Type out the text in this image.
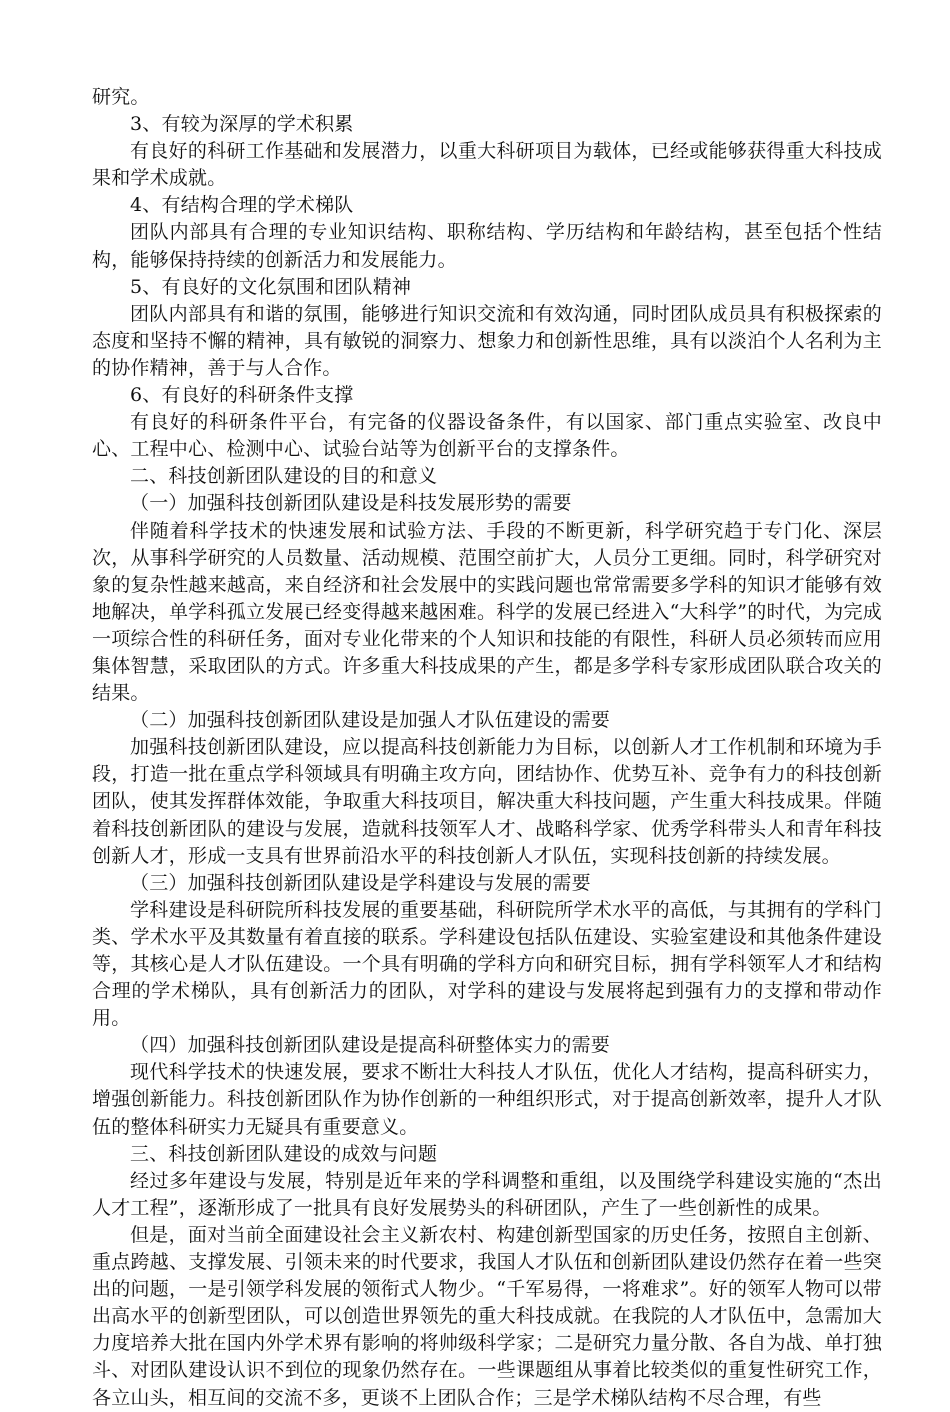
研究。

3、有较为深厚的学术积累

有良好的科研工作基础和发展潜力，以重大科研项目为载体，已经或能够获得重大科技成果和学术成就。

4、有结构合理的学术梯队

团队内部具有合理的专业知识结构、职称结构、学历结构和年龄结构，甚至包括个性结构，能够保持持续的创新活力和发展能力。

5、有良好的文化氛围和团队精神

团队内部具有和谐的氛围，能够进行知识交流和有效沟通，同时团队成员具有积极探索的态度和坚持不懈的精神，具有敏锐的洞察力、想象力和创新性思维，具有以淡泊个人名利为主的协作精神，善于与人合作。

6、有良好的科研条件支撑

有良好的科研条件平台，有完备的仪器设备条件，有以国家、部门重点实验室、改良中心、工程中心、检测中心、试验台站等为创新平台的支撑条件。

二、科技创新团队建设的目的和意义

（一）加强科技创新团队建设是科技发展形势的需要

伴随着科学技术的快速发展和试验方法、手段的不断更新，科学研究趋于专门化、深层次，从事科学研究的人员数量、活动规模、范围空前扩大，人员分工更细。同时，科学研究对象的复杂性越来越高，来自经济和社会发展中的实践问题也常常需要多学科的知识才能够有效地解决，单学科孤立发展已经变得越来越困难。科学的发展已经进入“大科学”的时代，为完成一项综合性的科研任务，面对专业化带来的个人知识和技能的有限性，科研人员必须转而应用集体智慧，采取团队的方式。许多重大科技成果的产生，都是多学科专家形成团队联合攻关的结果。

（二）加强科技创新团队建设是加强人才队伍建设的需要

加强科技创新团队建设，应以提高科技创新能力为目标，以创新人才工作机制和环境为手段，打造一批在重点学科领域具有明确主攻方向，团结协作、优势互补、竞争有力的科技创新团队，使其发挥群体效能，争取重大科技项目，解决重大科技问题，产生重大科技成果。伴随着科技创新团队的建设与发展，造就科技领军人才、战略科学家、优秀学科带头人和青年科技创新人才，形成一支具有世界前沿水平的科技创新人才队伍，实现科技创新的持续发展。

（三）加强科技创新团队建设是学科建设与发展的需要

学科建设是科研院所科技发展的重要基础，科研院所学术水平的高低，与其拥有的学科门类、学术水平及其数量有着直接的联系。学科建设包括队伍建设、实验室建设和其他条件建设等，其核心是人才队伍建设。一个具有明确的学科方向和研究目标，拥有学科领军人才和结构合理的学术梯队，具有创新活力的团队，对学科的建设与发展将起到强有力的支撑和带动作用。

（四）加强科技创新团队建设是提高科研整体实力的需要

现代科学技术的快速发展，要求不断壮大科技人才队伍，优化人才结构，提高科研实力，增强创新能力。科技创新团队作为协作创新的一种组织形式，对于提高创新效率，提升人才队伍的整体科研实力无疑具有重要意义。

三、科技创新团队建设的成效与问题

经过多年建设与发展，特别是近年来的学科调整和重组，以及围绕学科建设实施的“杰出人才工程”，逐渐形成了一批具有良好发展势头的科研团队，产生了一些创新性的成果。

但是，面对当前全面建设社会主义新农村、构建创新型国家的历史任务，按照自主创新、重点跨越、支撑发展、引领未来的时代要求，我国人才队伍和创新团队建设仍然存在着一些突出的问题，一是引领学科发展的领衔式人物少。“千军易得，一将难求”。好的领军人物可以带出高水平的创新型团队，可以创造世界领先的重大科技成就。在我院的人才队伍中，急需加大力度培养大批在国内外学术界有影响的将帅级科学家；二是研究力量分散、各自为战、单打独斗、对团队建设认识不到位的现象仍然存在。一些课题组从事着比较类似的重复性研究工作，各立山头，相互间的交流不多，更谈不上团队合作；三是学术梯队结构不尽合理，有些
